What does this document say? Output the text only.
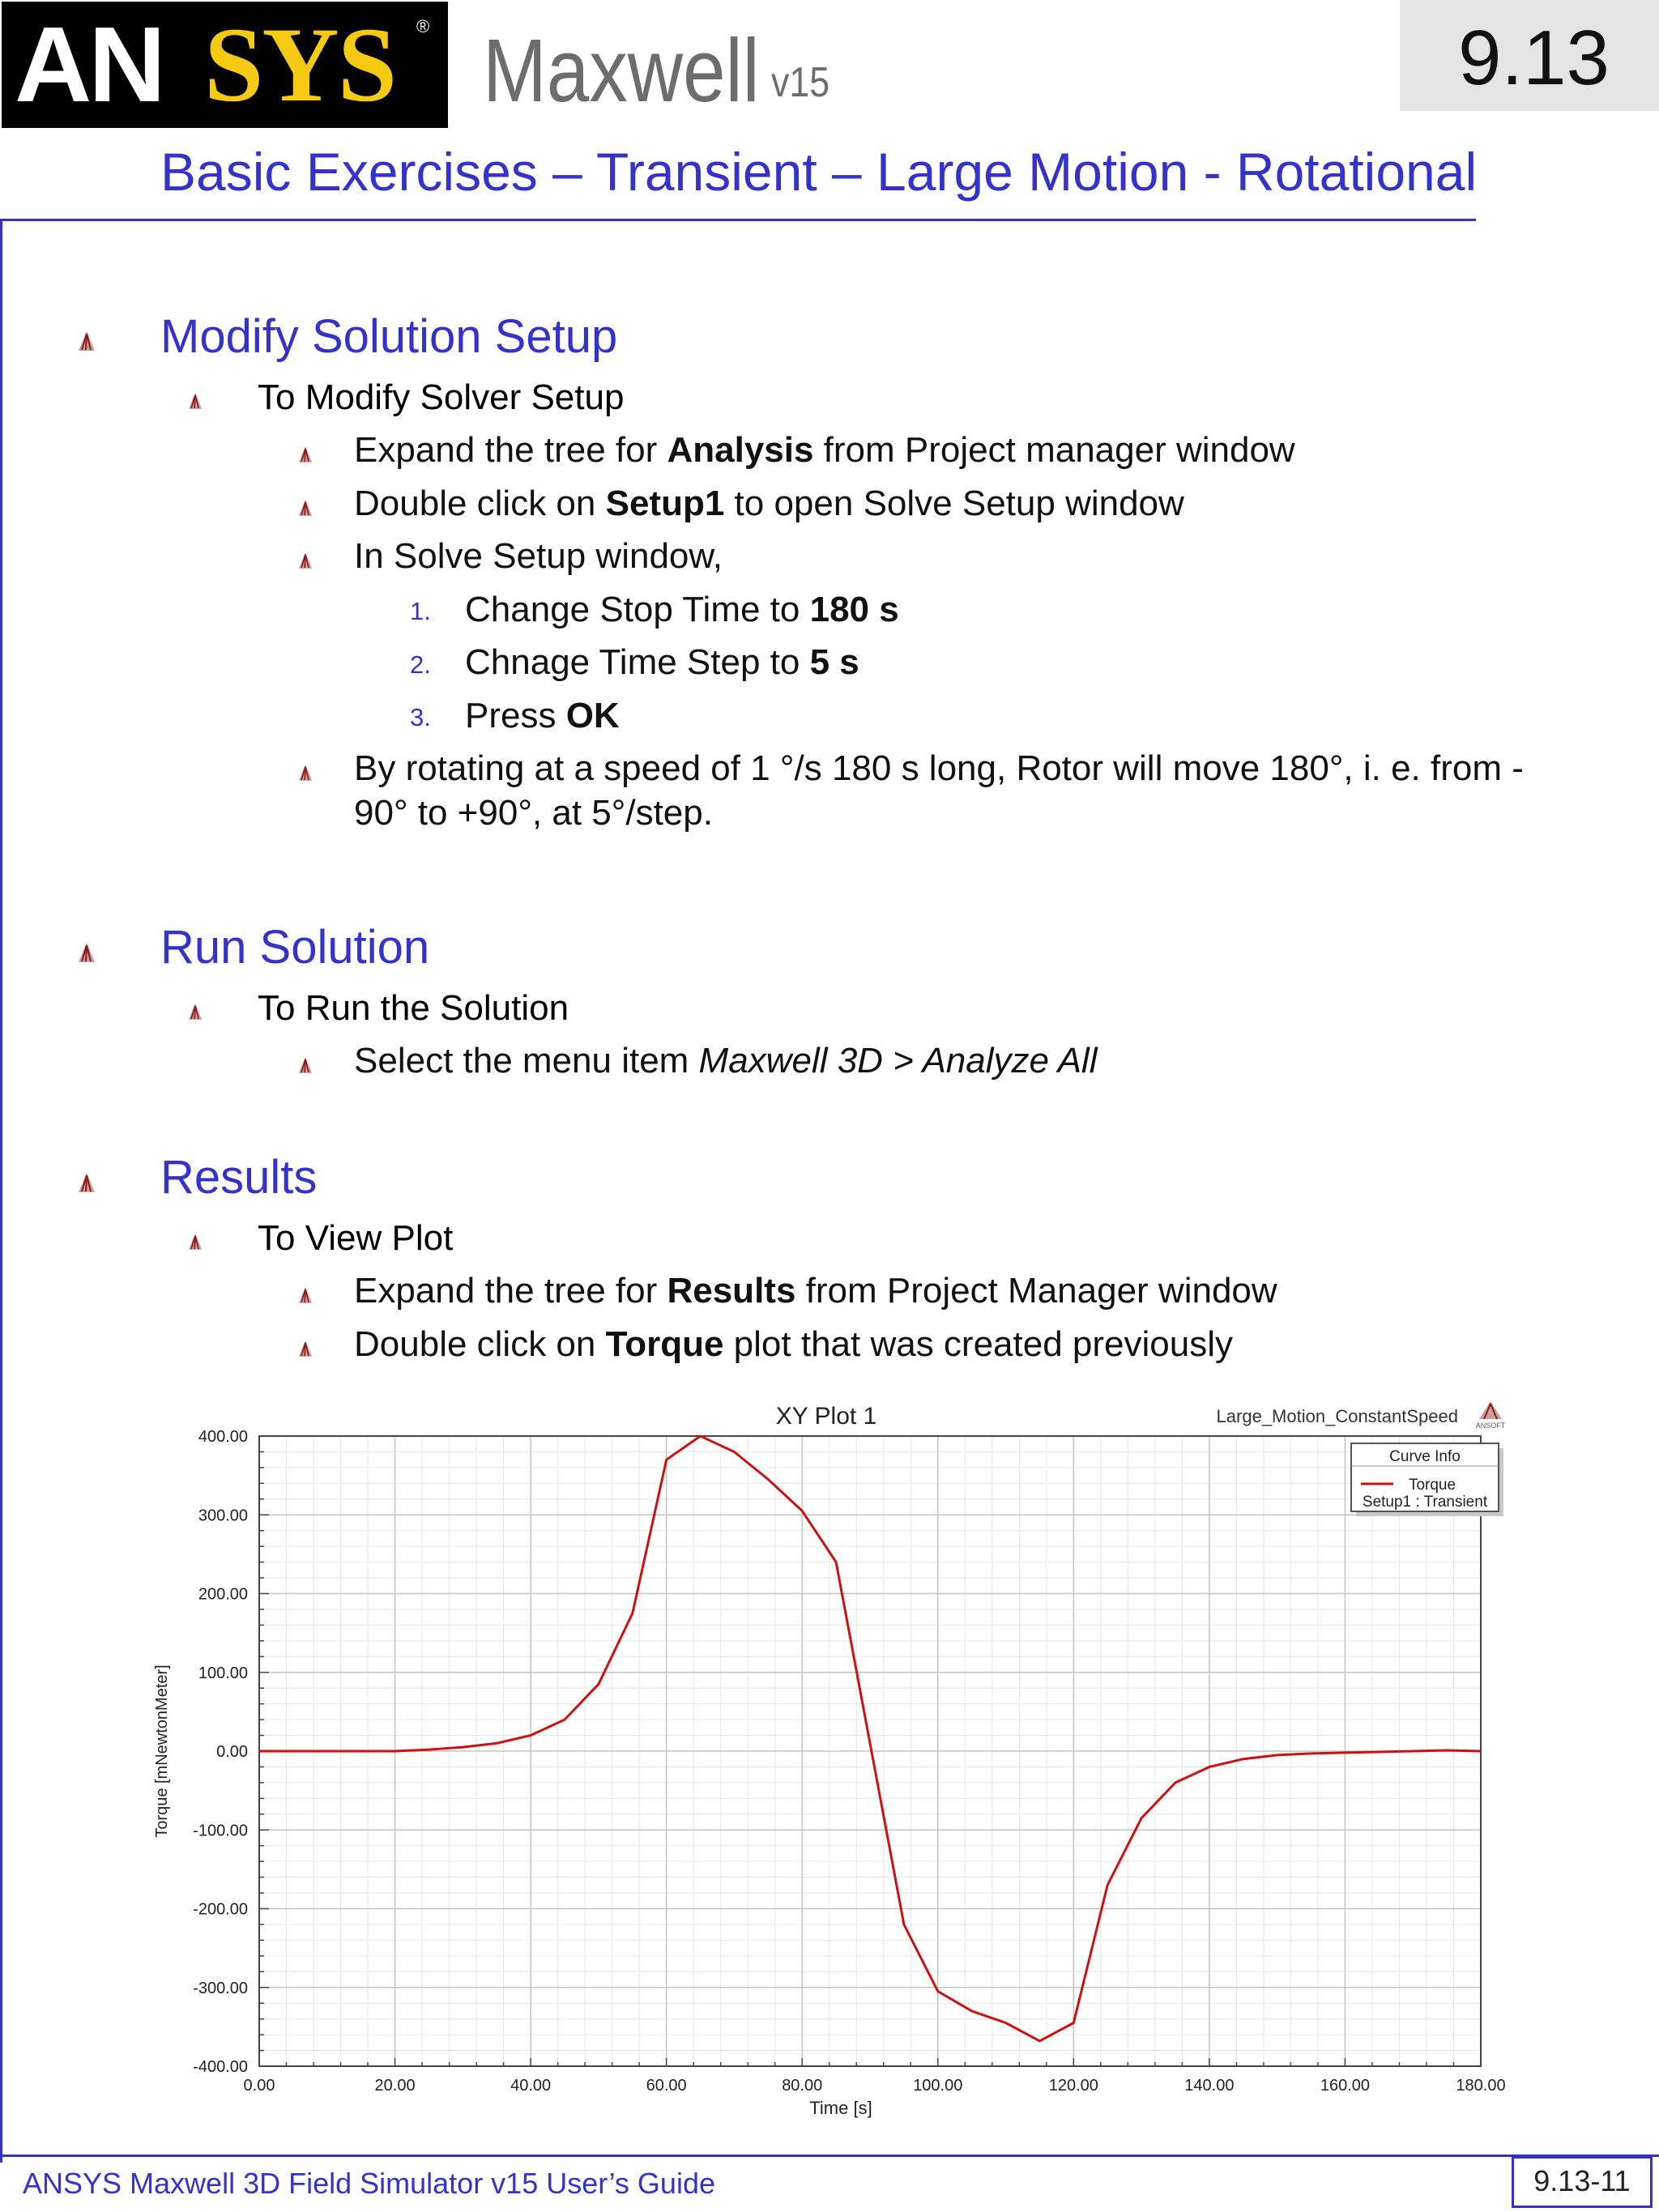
AN SYS ® Maxwell v15	9.13
Basic Exercises – Transient – Large Motion - Rotational
Modify Solution Setup
To Modify Solver Setup
Expand the tree for Analysis from Project manager window
Double click on Setup1 to open Solve Setup window
In Solve Setup window,
1. Change Stop Time to 180 s
2. Chnage Time Step to 5 s
3. Press OK
By rotating at a speed of 1 °/s 180 s long, Rotor will move 180°, i. e. from -
90° to +90°, at 5°/step.
Run Solution
To Run the Solution
Select the menu item Maxwell 3D > Analyze All
Results
To View Plot
Expand the tree for Results from Project Manager window
Double click on Torque plot that was created previously
0.00	20.00	40.00	60.00	80.00	100.00	120.00	140.00	160.00	180.00
400.00
300.00
200.00
100.00
0.00
-100.00
-200.00
-300.00
-400.00
XY Plot 1	Large_Motion_ConstantSpeed ANSOFT
Curve Info
Torque
Setup1 : Transient
Time [s]
Torque [mNewtonMeter]
ANSYS Maxwell 3D Field Simulator v15 User’s Guide	9.13-11
